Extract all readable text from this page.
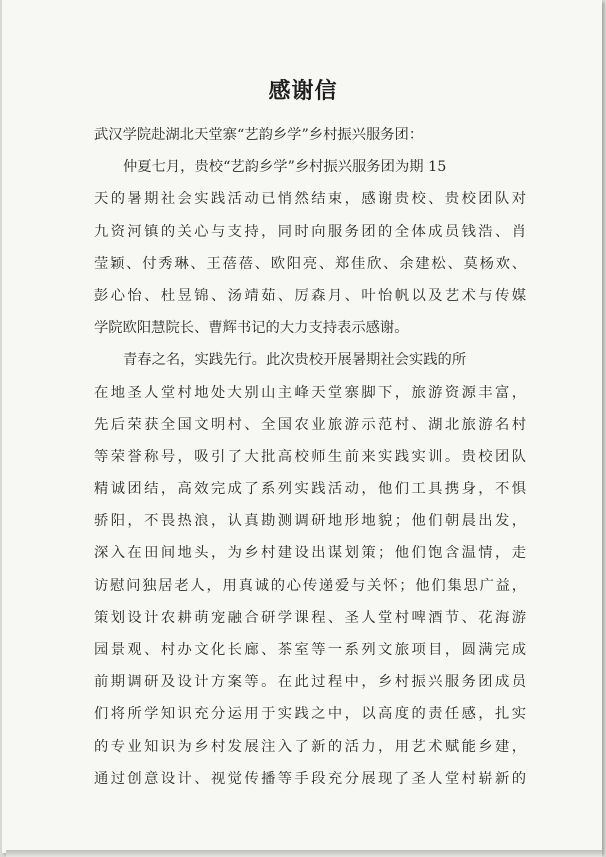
感谢信
武汉学院赴湖北天堂寨“艺韵乡学”乡村振兴服务团：
仲夏七月，贵校“艺韵乡学”乡村振兴服务团为期 15
天的暑期社会实践活动已悄然结束，感谢贵校、贵校团队对
九资河镇的关心与支持，同时向服务团的全体成员钱浩、肖
莹颖、付秀琳、王蓓蓓、欧阳亮、郑佳欣、余建松、莫杨欢、
彭心怡、杜昱锦、汤靖茹、厉森月、叶怡帆以及艺术与传媒
学院欧阳慧院长、曹辉书记的大力支持表示感谢。
青春之名，实践先行。此次贵校开展暑期社会实践的所
在地圣人堂村地处大别山主峰天堂寨脚下，旅游资源丰富，
先后荣获全国文明村、全国农业旅游示范村、湖北旅游名村
等荣誉称号，吸引了大批高校师生前来实践实训。贵校团队
精诚团结，高效完成了系列实践活动，他们工具携身，不惧
骄阳，不畏热浪，认真勘测调研地形地貌；他们朝晨出发，
深入在田间地头，为乡村建设出谋划策；他们饱含温情，走
访慰问独居老人，用真诚的心传递爱与关怀；他们集思广益，
策划设计农耕萌宠融合研学课程、圣人堂村啤酒节、花海游
园景观、村办文化长廊、茶室等一系列文旅项目，圆满完成
前期调研及设计方案等。在此过程中，乡村振兴服务团成员
们将所学知识充分运用于实践之中，以高度的责任感，扎实
的专业知识为乡村发展注入了新的活力，用艺术赋能乡建，
通过创意设计、视觉传播等手段充分展现了圣人堂村崭新的
